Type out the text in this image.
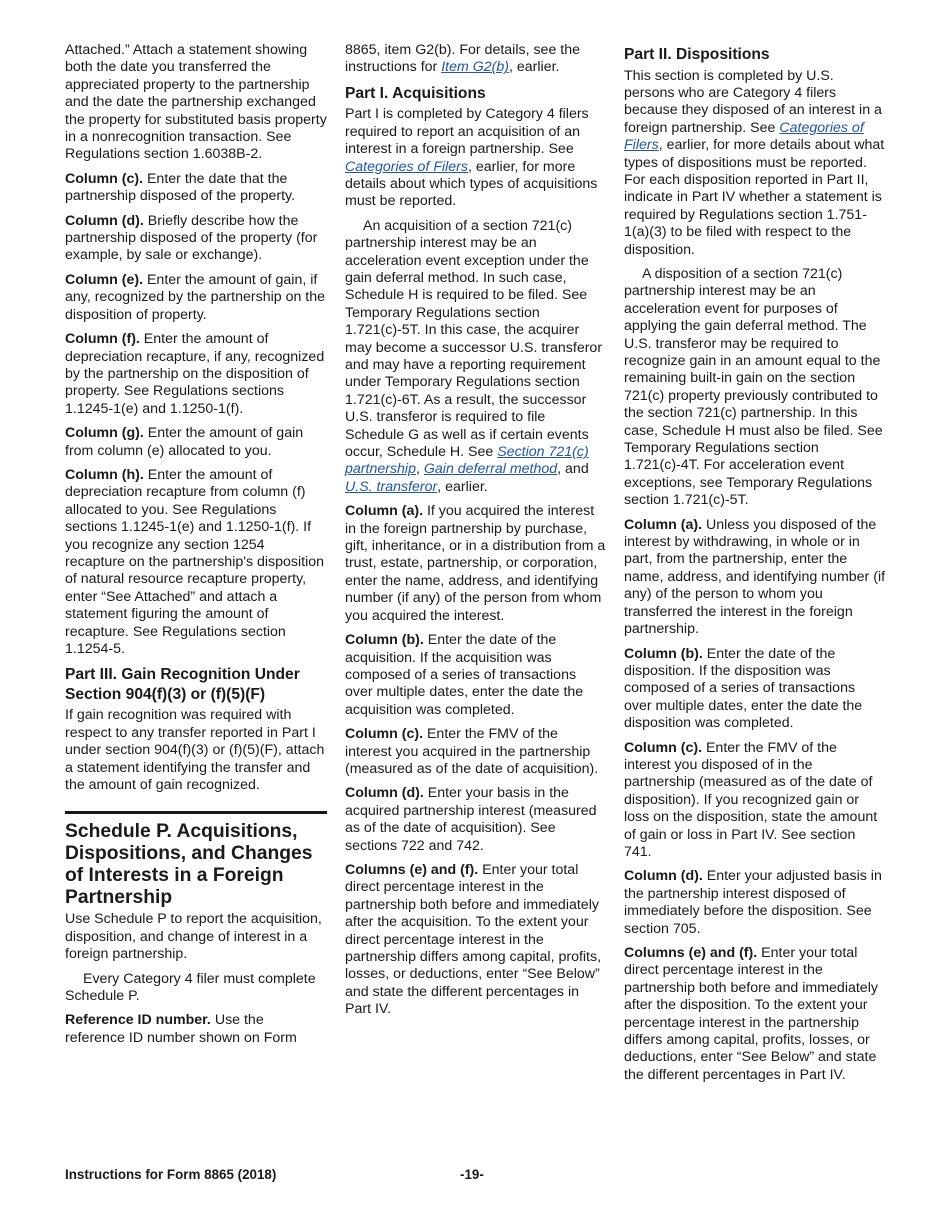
Attached.” Attach a statement showing both the date you transferred the appreciated property to the partnership and the date the partnership exchanged the property for substituted basis property in a nonrecognition transaction. See Regulations section 1.6038B-2.

Column (c). Enter the date that the partnership disposed of the property.

Column (d). Briefly describe how the partnership disposed of the property (for example, by sale or exchange).

Column (e). Enter the amount of gain, if any, recognized by the partnership on the disposition of property.

Column (f). Enter the amount of depreciation recapture, if any, recognized by the partnership on the disposition of property. See Regulations sections 1.1245-1(e) and 1.1250-1(f).

Column (g). Enter the amount of gain from column (e) allocated to you.

Column (h). Enter the amount of depreciation recapture from column (f) allocated to you. See Regulations sections 1.1245-1(e) and 1.1250-1(f). If you recognize any section 1254 recapture on the partnership's disposition of natural resource recapture property, enter “See Attached” and attach a statement figuring the amount of recapture. See Regulations section 1.1254-5.

Part III. Gain Recognition Under Section 904(f)(3) or (f)(5)(F)

If gain recognition was required with respect to any transfer reported in Part I under section 904(f)(3) or (f)(5)(F), attach a statement identifying the transfer and the amount of gain recognized.

Schedule P. Acquisitions, Dispositions, and Changes of Interests in a Foreign Partnership

Use Schedule P to report the acquisition, disposition, and change of interest in a foreign partnership.

Every Category 4 filer must complete Schedule P.

Reference ID number. Use the reference ID number shown on Form

8865, item G2(b). For details, see the instructions for Item G2(b), earlier.

Part I. Acquisitions

Part I is completed by Category 4 filers required to report an acquisition of an interest in a foreign partnership. See Categories of Filers, earlier, for more details about which types of acquisitions must be reported.

An acquisition of a section 721(c) partnership interest may be an acceleration event exception under the gain deferral method. In such case, Schedule H is required to be filed. See Temporary Regulations section 1.721(c)-5T. In this case, the acquirer may become a successor U.S. transferor and may have a reporting requirement under Temporary Regulations section 1.721(c)-6T. As a result, the successor U.S. transferor is required to file Schedule G as well as if certain events occur, Schedule H. See Section 721(c) partnership, Gain deferral method, and U.S. transferor, earlier.

Column (a). If you acquired the interest in the foreign partnership by purchase, gift, inheritance, or in a distribution from a trust, estate, partnership, or corporation, enter the name, address, and identifying number (if any) of the person from whom you acquired the interest.

Column (b). Enter the date of the acquisition. If the acquisition was composed of a series of transactions over multiple dates, enter the date the acquisition was completed.

Column (c). Enter the FMV of the interest you acquired in the partnership (measured as of the date of acquisition).

Column (d). Enter your basis in the acquired partnership interest (measured as of the date of acquisition). See sections 722 and 742.

Columns (e) and (f). Enter your total direct percentage interest in the partnership both before and immediately after the acquisition. To the extent your direct percentage interest in the partnership differs among capital, profits, losses, or deductions, enter “See Below” and state the different percentages in Part IV.

Part II. Dispositions

This section is completed by U.S. persons who are Category 4 filers because they disposed of an interest in a foreign partnership. See Categories of Filers, earlier, for more details about what types of dispositions must be reported. For each disposition reported in Part II, indicate in Part IV whether a statement is required by Regulations section 1.751-1(a)(3) to be filed with respect to the disposition.

A disposition of a section 721(c) partnership interest may be an acceleration event for purposes of applying the gain deferral method. The U.S. transferor may be required to recognize gain in an amount equal to the remaining built-in gain on the section 721(c) property previously contributed to the section 721(c) partnership. In this case, Schedule H must also be filed. See Temporary Regulations section 1.721(c)-4T. For acceleration event exceptions, see Temporary Regulations section 1.721(c)-5T.

Column (a). Unless you disposed of the interest by withdrawing, in whole or in part, from the partnership, enter the name, address, and identifying number (if any) of the person to whom you transferred the interest in the foreign partnership.

Column (b). Enter the date of the disposition. If the disposition was composed of a series of transactions over multiple dates, enter the date the disposition was completed.

Column (c). Enter the FMV of the interest you disposed of in the partnership (measured as of the date of disposition). If you recognized gain or loss on the disposition, state the amount of gain or loss in Part IV. See section 741.

Column (d). Enter your adjusted basis in the partnership interest disposed of immediately before the disposition. See section 705.

Columns (e) and (f). Enter your total direct percentage interest in the partnership both before and immediately after the disposition. To the extent your percentage interest in the partnership differs among capital, profits, losses, or deductions, enter “See Below” and state the different percentages in Part IV.

Instructions for Form 8865 (2018)	-19-
